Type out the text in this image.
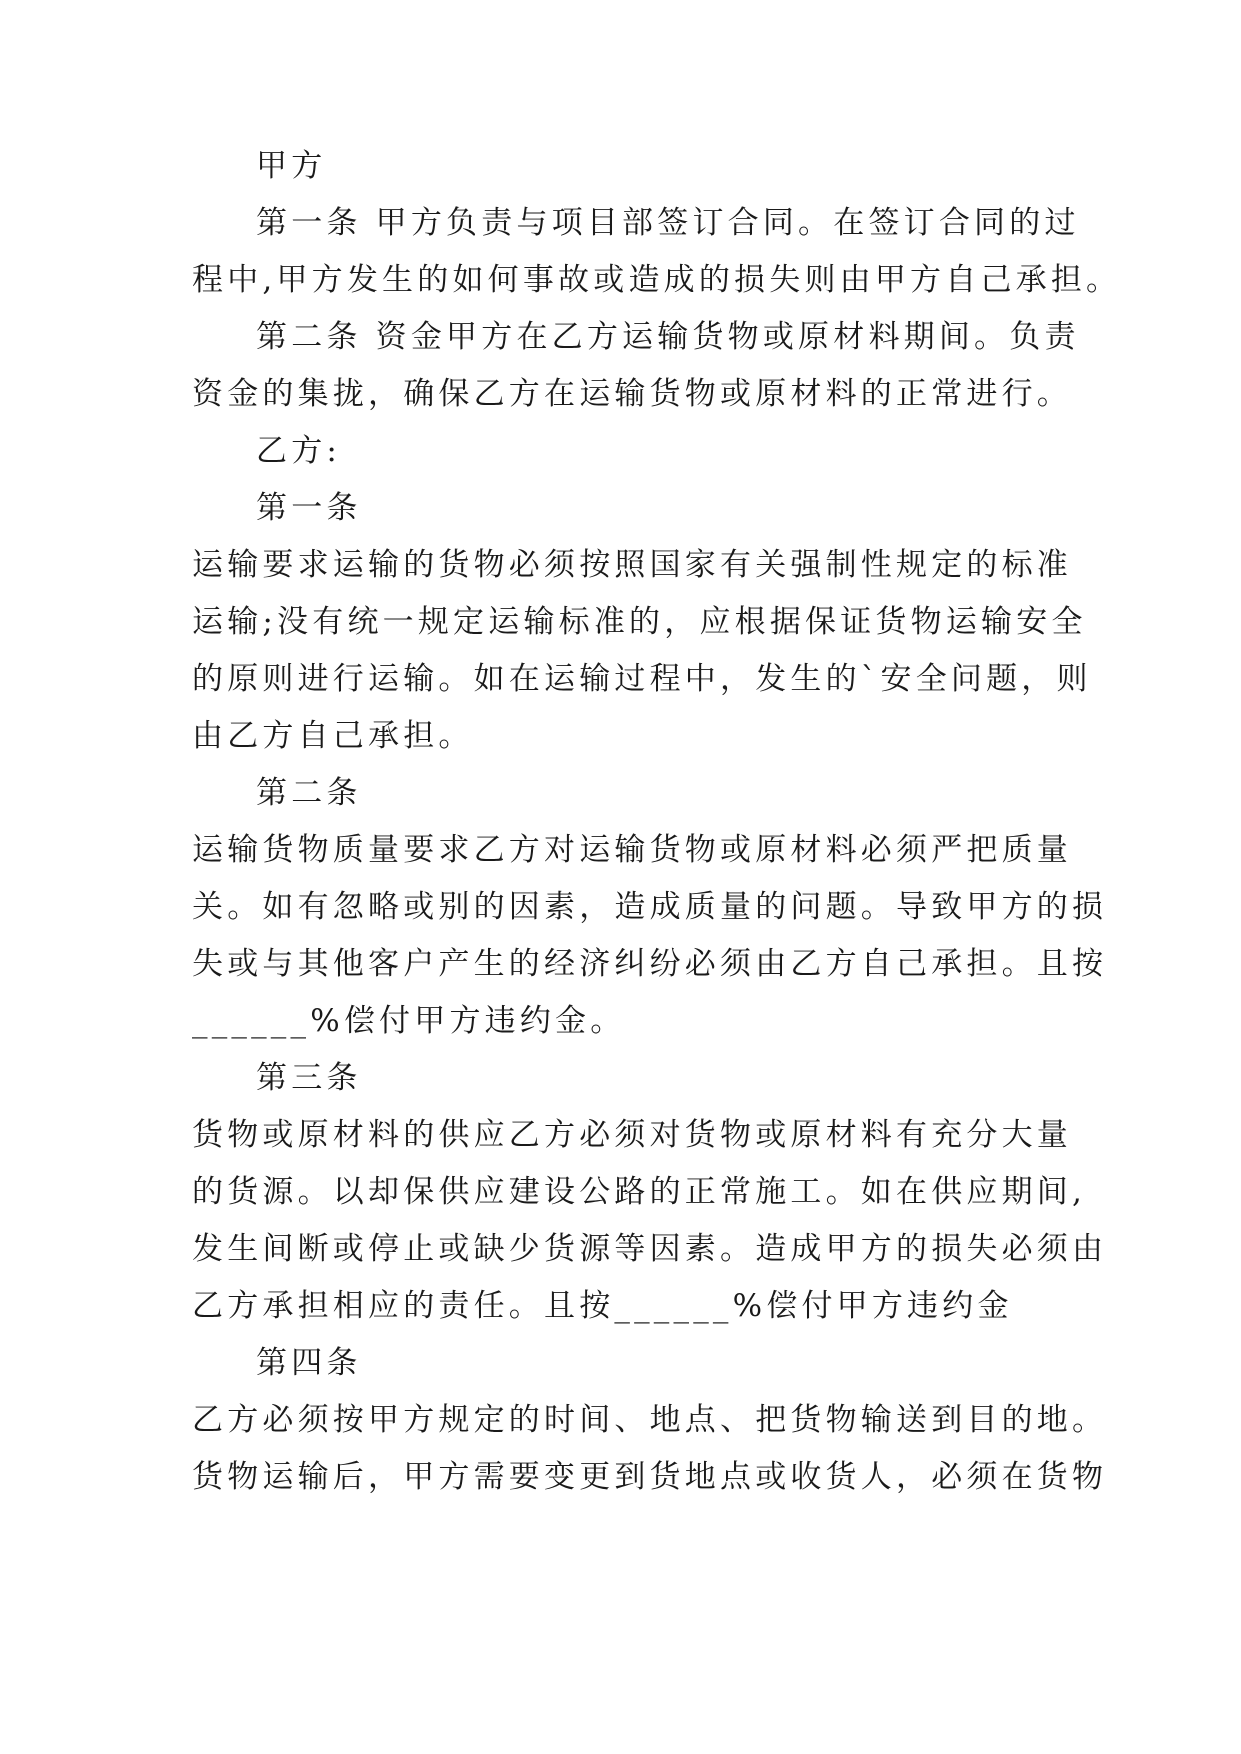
甲方
第一条 甲方负责与项目部签订合同。在签订合同的过
程中,甲方发生的如何事故或造成的损失则由甲方自己承担。
第二条 资金甲方在乙方运输货物或原材料期间。负责
资金的集拢，确保乙方在运输货物或原材料的正常进行。
乙方:
第一条
运输要求运输的货物必须按照国家有关强制性规定的标准
运输;没有统一规定运输标准的，应根据保证货物运输安全
的原则进行运输。如在运输过程中，发生的`安全问题，则
由乙方自己承担。
第二条
运输货物质量要求乙方对运输货物或原材料必须严把质量
关。如有忽略或别的因素，造成质量的问题。导致甲方的损
失或与其他客户产生的经济纠纷必须由乙方自己承担。且按
______%偿付甲方违约金。
第三条
货物或原材料的供应乙方必须对货物或原材料有充分大量
的货源。以却保供应建设公路的正常施工。如在供应期间,
发生间断或停止或缺少货源等因素。造成甲方的损失必须由
乙方承担相应的责任。且按______%偿付甲方违约金
第四条
乙方必须按甲方规定的时间、地点、把货物输送到目的地。
货物运输后，甲方需要变更到货地点或收货人，必须在货物
